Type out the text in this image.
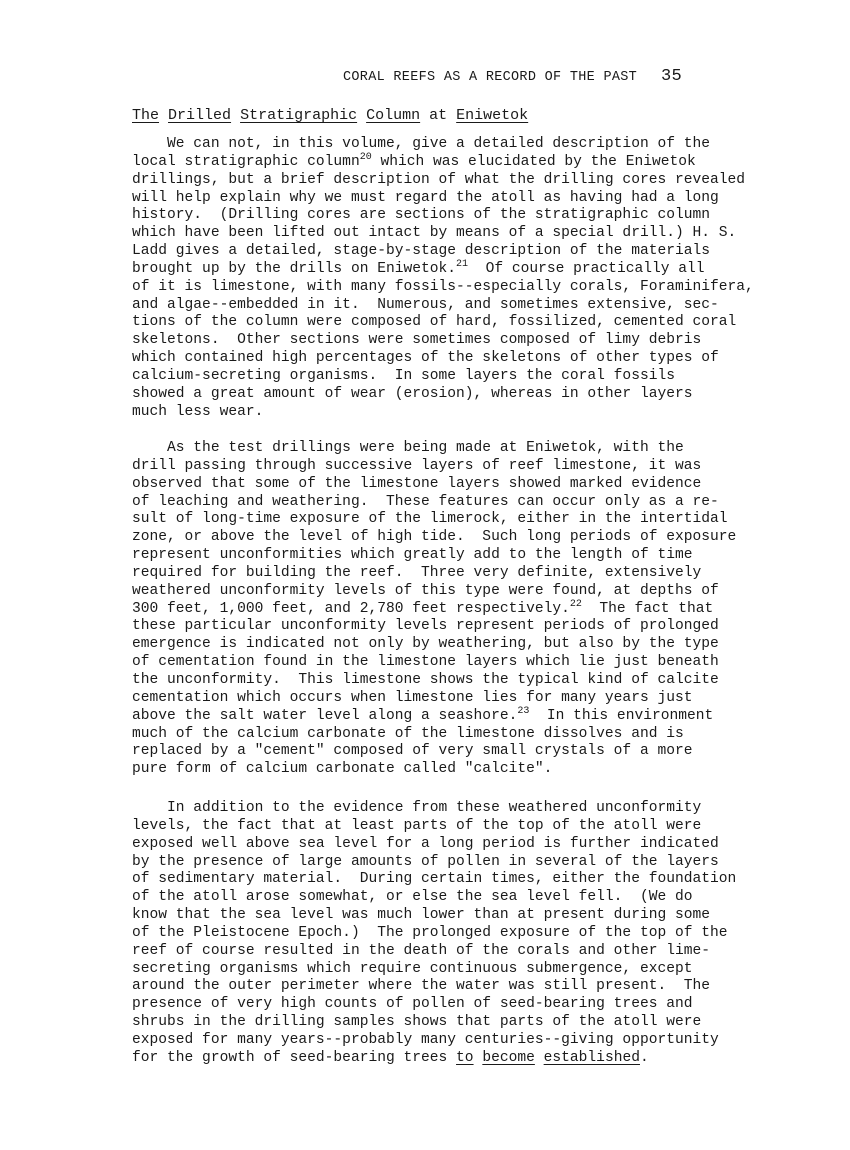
CORAL REEFS AS A RECORD OF THE PAST 35
The Drilled Stratigraphic Column at Eniwetok
We can not, in this volume, give a detailed description of the
local stratigraphic column$^{20}$ which was elucidated by the Eniwetok
drillings, but a brief description of what the drilling cores revealed
will help explain why we must regard the atoll as having had a long
history.  (Drilling cores are sections of the stratigraphic column
which have been lifted out intact by means of a special drill.) H. S.
Ladd gives a detailed, stage-by-stage description of the materials
brought up by the drills on Eniwetok.$^{21}$  Of course practically all
of it is limestone, with many fossils--especially corals, Foraminifera,
and algae--embedded in it.  Numerous, and sometimes extensive, sec-
tions of the column were composed of hard, fossilized, cemented coral
skeletons.  Other sections were sometimes composed of limy debris
which contained high percentages of the skeletons of other types of
calcium-secreting organisms.  In some layers the coral fossils
showed a great amount of wear (erosion), whereas in other layers
much less wear.
As the test drillings were being made at Eniwetok, with the
drill passing through successive layers of reef limestone, it was
observed that some of the limestone layers showed marked evidence
of leaching and weathering.  These features can occur only as a re-
sult of long-time exposure of the limerock, either in the intertidal
zone, or above the level of high tide.  Such long periods of exposure
represent unconformities which greatly add to the length of time
required for building the reef.  Three very definite, extensively
weathered unconformity levels of this type were found, at depths of
300 feet, 1,000 feet, and 2,780 feet respectively.$^{22}$  The fact that
these particular unconformity levels represent periods of prolonged
emergence is indicated not only by weathering, but also by the type
of cementation found in the limestone layers which lie just beneath
the unconformity.  This limestone shows the typical kind of calcite
cementation which occurs when limestone lies for many years just
above the salt water level along a seashore.$^{23}$  In this environment
much of the calcium carbonate of the limestone dissolves and is
replaced by a "cement" composed of very small crystals of a more
pure form of calcium carbonate called "calcite".
In addition to the evidence from these weathered unconformity
levels, the fact that at least parts of the top of the atoll were
exposed well above sea level for a long period is further indicated
by the presence of large amounts of pollen in several of the layers
of sedimentary material.  During certain times, either the foundation
of the atoll arose somewhat, or else the sea level fell.  (We do
know that the sea level was much lower than at present during some
of the Pleistocene Epoch.)  The prolonged exposure of the top of the
reef of course resulted in the death of the corals and other lime-
secreting organisms which require continuous submergence, except
around the outer perimeter where the water was still present.  The
presence of very high counts of pollen of seed-bearing trees and
shrubs in the drilling samples shows that parts of the atoll were
exposed for many years--probably many centuries--giving opportunity
for the growth of seed-bearing trees to become established.
